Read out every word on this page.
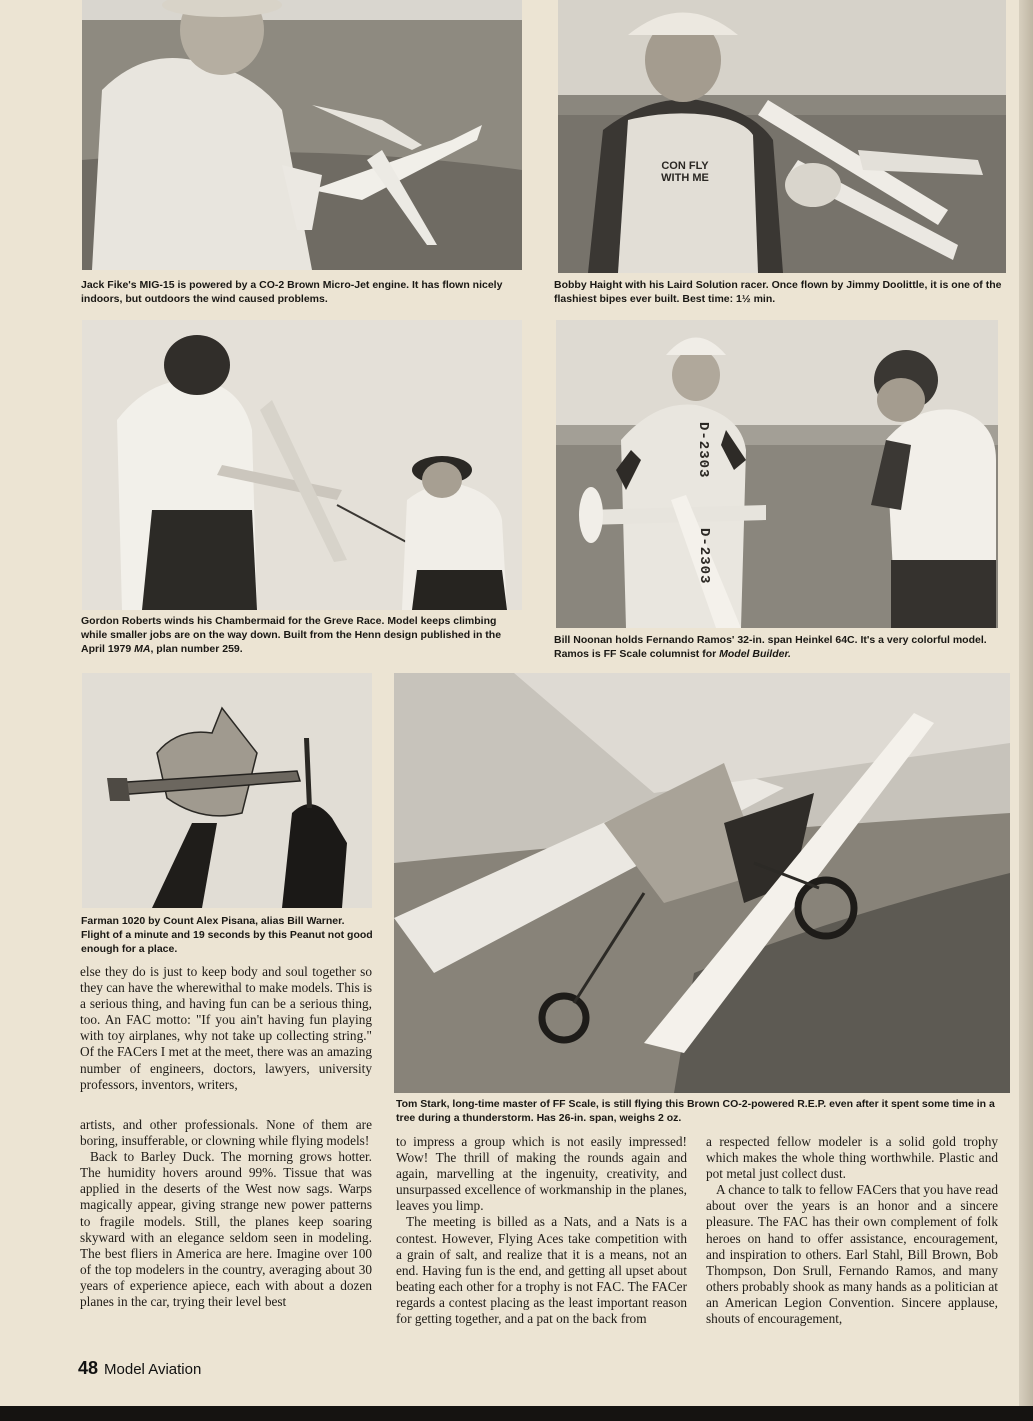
Jack Fike's MIG-15 is powered by a CO-2 Brown Micro-Jet engine. It has flown nicely indoors, but outdoors the wind caused problems.
CON FLY WITH ME
Bobby Haight with his Laird Solution racer. Once flown by Jimmy Doolittle, it is one of the flashiest bipes ever built. Best time: 1½ min.
Gordon Roberts winds his Chambermaid for the Greve Race. Model keeps climbing while smaller jobs are on the way down. Built from the Henn design published in the April 1979 MA, plan number 259.
D-2303
D-2303
Bill Noonan holds Fernando Ramos' 32-in. span Heinkel 64C. It's a very colorful model. Ramos is FF Scale columnist for Model Builder.
Farman 1020 by Count Alex Pisana, alias Bill Warner. Flight of a minute and 19 seconds by this Peanut not good enough for a place.
Tom Stark, long-time master of FF Scale, is still flying this Brown CO-2-powered R.E.P. even after it spent some time in a tree during a thunderstorm. Has 26-in. span, weighs 2 oz.

else they do is just to keep body and soul together so they can have the wherewithal to make models. This is a serious thing, and having fun can be a serious thing, too. An FAC motto: "If you ain't having fun playing with toy airplanes, why not take up collecting string." Of the FACers I met at the meet, there was an amazing number of engineers, doctors, lawyers, university professors, inventors, writers,

artists, and other professionals. None of them are boring, insufferable, or clowning while flying models!

Back to Barley Duck. The morning grows hotter. The humidity hovers around 99%. Tissue that was applied in the deserts of the West now sags. Warps magically appear, giving strange new power patterns to fragile models. Still, the planes keep soaring skyward with an elegance seldom seen in modeling. The best fliers in America are here. Imagine over 100 of the top modelers in the country, averaging about 30 years of experience apiece, each with about a dozen planes in the car, trying their level best

to impress a group which is not easily impressed! Wow! The thrill of making the rounds again and again, marvelling at the ingenuity, creativity, and unsurpassed excellence of workmanship in the planes, leaves you limp.

The meeting is billed as a Nats, and a Nats is a contest. However, Flying Aces take competition with a grain of salt, and realize that it is a means, not an end. Having fun is the end, and getting all upset about beating each other for a trophy is not FAC. The FACer regards a contest placing as the least important reason for getting together, and a pat on the back from

a respected fellow modeler is a solid gold trophy which makes the whole thing worthwhile. Plastic and pot metal just collect dust.

A chance to talk to fellow FACers that you have read about over the years is an honor and a sincere pleasure. The FAC has their own complement of folk heroes on hand to offer assistance, encouragement, and inspiration to others. Earl Stahl, Bill Brown, Bob Thompson, Don Srull, Fernando Ramos, and many others probably shook as many hands as a politician at an American Legion Convention. Sincere applause, shouts of encouragement,

48 Model Aviation
